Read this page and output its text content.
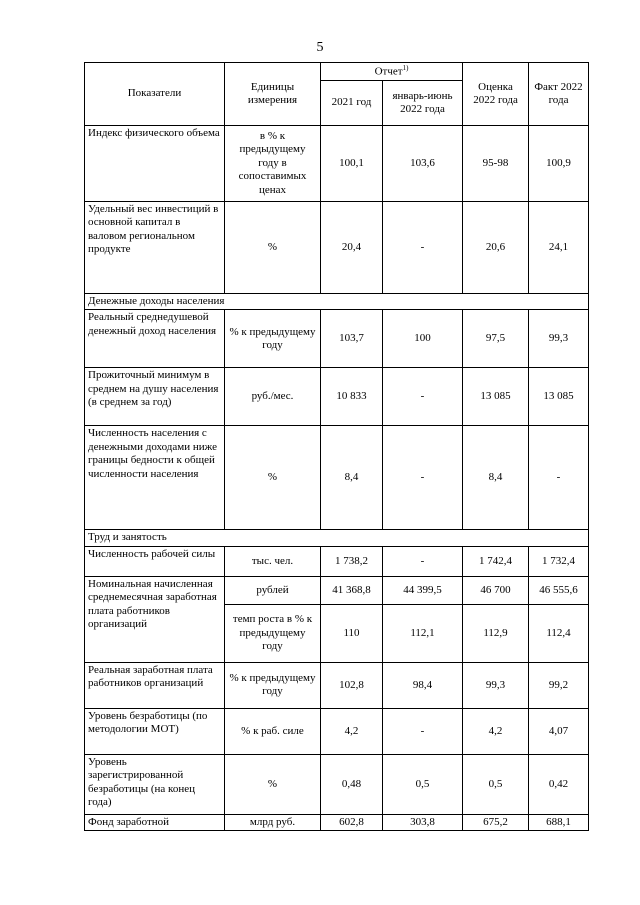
5
Показатели	Единицы измерения	Отчет$^{1)}$		Оценка 2022 года	Факт 2022 года
		2021 год	январь-июнь 2022 года		
Индекс физического объема	в % к предыдущему году в сопоставимых ценах	100,1	103,6	95-98	100,9
Удельный вес инвестиций в основной капитал в валовом региональном продукте	%	20,4	-	20,6	24,1
Денежные доходы населения					
Реальный среднедушевой денежный доход населения	% к предыдущему году	103,7	100	97,5	99,3
Прожиточный минимум в среднем на душу населения (в среднем за год)	руб./мес.	10 833	-	13 085	13 085
Численность населения с денежными доходами ниже границы бедности к общей численности населения	%	8,4	-	8,4	-
Труд и занятость					
Численность рабочей силы	тыс. чел.	1 738,2	-	1 742,4	1 732,4
Номинальная начисленная среднемесячная заработная плата работников организаций	рублей	41 368,8	44 399,5	46 700	46 555,6
	темп роста в % к предыдущему году	110	112,1	112,9	112,4
Реальная заработная плата работников организаций	% к предыдущему году	102,8	98,4	99,3	99,2
Уровень безработицы (по методологии МОТ)	% к раб. силе	4,2	-	4,2	4,07
Уровень зарегистрированной безработицы (на конец года)	%	0,48	0,5	0,5	0,42
Фонд заработной	млрд руб.	602,8	303,8	675,2	688,1
